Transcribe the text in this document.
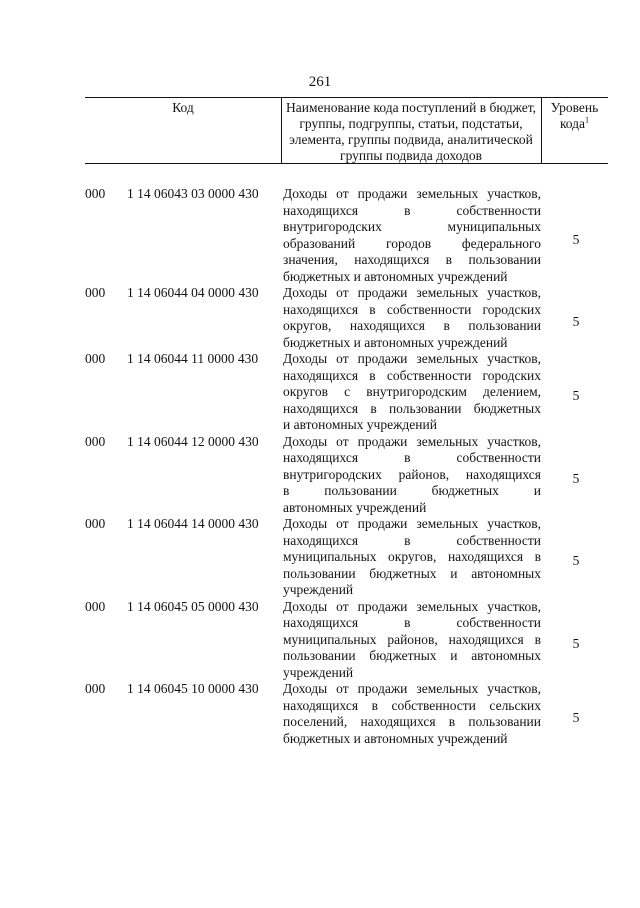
261
Код	Наименование кода поступлений в бюджет, группы, подгруппы, статьи, подстатьи, элемента, группы подвида, аналитической группы подвида доходов
Уровень кода$^1$
000	1 14 06043 03 0000 430	Доходы от продажи земельных участков,
находящихся в собственности
внутригородских муниципальных
образований городов федерального
значения, находящихся в пользовании
бюджетных и автономных учреждений
5
000	1 14 06044 04 0000 430	Доходы от продажи земельных участков,
находящихся в собственности городских
округов, находящихся в пользовании
бюджетных и автономных учреждений
5
000	1 14 06044 11 0000 430	Доходы от продажи земельных участков,
находящихся в собственности городских
округов с внутригородским делением,
находящихся в пользовании бюджетных
и автономных учреждений
5
000	1 14 06044 12 0000 430	Доходы от продажи земельных участков,
находящихся в собственности
внутригородских районов, находящихся
в пользовании бюджетных и
автономных учреждений
5
000	1 14 06044 14 0000 430	Доходы от продажи земельных участков,
находящихся в собственности
муниципальных округов, находящихся в
пользовании бюджетных и автономных
учреждений
5
000	1 14 06045 05 0000 430	Доходы от продажи земельных участков,
находящихся в собственности
муниципальных районов, находящихся в
пользовании бюджетных и автономных
учреждений
5
000	1 14 06045 10 0000 430	Доходы от продажи земельных участков,
находящихся в собственности сельских
поселений, находящихся в пользовании
бюджетных и автономных учреждений
5
